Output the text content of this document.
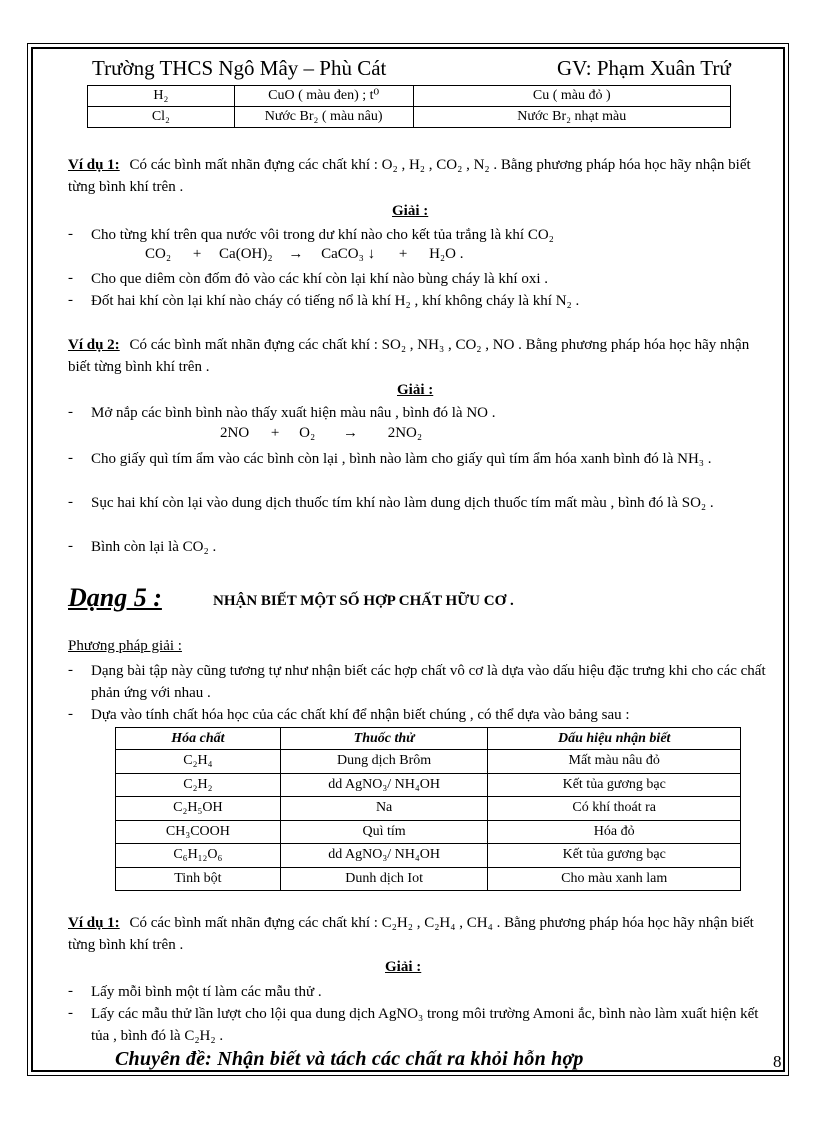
Trường THCS Ngô Mây – Phù Cát	GV: Phạm Xuân Trứ
H₂	CuO ( màu đen) ; t⁰	Cu ( màu đỏ )
Cl₂	Nước Br₂ ( màu nâu)	Nước Br₂ nhạt màu
Ví dụ 1: Có các bình mất nhãn đựng các chất khí : O₂ , H₂ , CO₂ , N₂ . Bằng phương pháp hóa học hãy nhận biết từng bình khí trên .
Giải :
- Cho từng khí trên qua nước vôi trong dư khí nào cho kết tủa trắng là khí CO₂
CO₂ + Ca(OH)₂ → CaCO₃ ↓ + H₂O .
- Cho que diêm còn đốm đỏ vào các khí còn lại khí nào bùng cháy là khí oxi .
- Đốt hai khí còn lại khí nào cháy có tiếng nổ là khí H₂ , khí không cháy là khí N₂ .
Ví dụ 2: Có các bình mất nhãn đựng các chất khí : SO₂ , NH₃ , CO₂ , NO . Bằng phương pháp hóa học hãy nhận biết từng bình khí trên .
Giải :
- Mở nắp các bình bình nào thấy xuất hiện màu nâu , bình đó là NO .
2NO + O₂ → 2NO₂
- Cho giấy quì tím ẩm vào các bình còn lại , bình nào làm cho giấy quì tím ẩm hóa xanh bình đó là NH₃ .
- Sục hai khí còn lại vào dung dịch thuốc tím khí nào làm dung dịch thuốc tím mất màu , bình đó là SO₂ .
- Bình còn lại là CO₂ .
Dạng 5 :	NHẬN BIẾT MỘT SỐ HỢP CHẤT HỮU CƠ .
Phương pháp giải :
- Dạng bài tập này cũng tương tự như nhận biết các hợp chất vô cơ là dựa vào dấu hiệu đặc trưng khi cho các chất phản ứng với nhau .
- Dựa vào tính chất hóa học của các chất khí để nhận biết chúng , có thể dựa vào bảng sau :
Hóa chất	Thuốc thử	Dấu hiệu nhận biết
C₂H₄	Dung dịch Brôm	Mất màu nâu đỏ
C₂H₂	dd AgNO₃/ NH₄OH	Kết tủa gương bạc
C₂H₅OH	Na	Có khí thoát ra
CH₃COOH	Quì tím	Hóa đỏ
C₆H₁₂O₆	dd AgNO₃/ NH₄OH	Kết tủa gương bạc
Tinh bột	Dunh dịch Iot	Cho màu xanh lam
Ví dụ 1: Có các bình mất nhãn đựng các chất khí : C₂H₂ , C₂H₄ , CH₄ . Bằng phương pháp hóa học hãy nhận biết từng bình khí trên .
Giải :
- Lấy mỗi bình một tí làm các mẫu thử .
- Lấy các mẫu thử lần lượt cho lội qua dung dịch AgNO₃ trong môi trường Amoni ắc, bình nào làm xuất hiện kết tủa , bình đó là C₂H₂ .
Chuyên đề: Nhận biết và tách các chất ra khỏi hỗn hợp	8
